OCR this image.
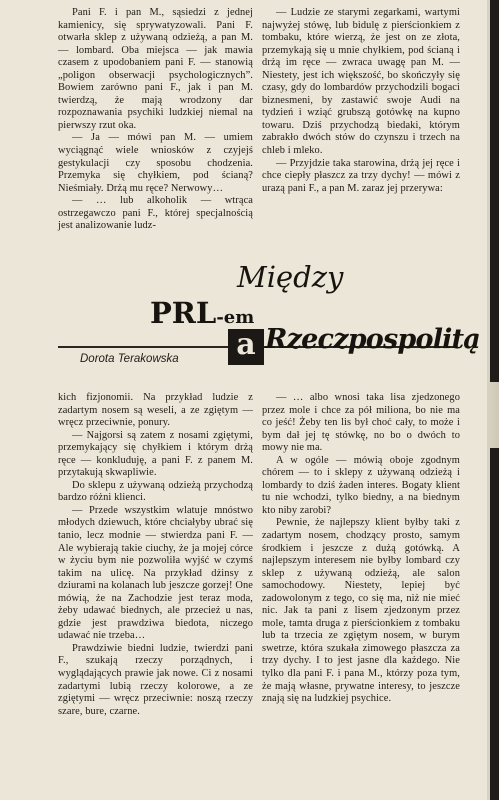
Pani F. i pan M., sąsiedzi z jednej kamienicy, się sprywatyzowali. Pani F. otwarła sklep z używaną odzieżą, a pan M. — lombard. Oba miejsca — jak mawia czasem z upodobaniem pani F. — stanowią „poligon obserwacji psychologicznych”. Bowiem zarówno pani F., jak i pan M. twierdzą, że mają wrodzony dar rozpoznawania psychiki ludzkiej niemal na pierwszy rzut oka.

— Ja — mówi pan M. — umiem wyciągnąć wiele wniosków z czyjejś gestykulacji czy sposobu chodzenia. Przemyka się chyłkiem, pod ścianą? Nieśmiały. Drżą mu ręce? Nerwowy…

— … lub alkoholik — wtrąca ostrzegawczo pani F., której specjalnością jest analizowanie ludz-

— Ludzie ze starymi zegarkami, wartymi najwyżej stówę, lub bidulę z pierścionkiem z tombaku, które wierzą, że jest on ze złota, przemykają się u mnie chyłkiem, pod ścianą i drżą im ręce — zwraca uwagę pan M. — Niestety, jest ich większość, bo skończyły się czasy, gdy do lombardów przychodzili bogaci biznesmeni, by zastawić swoje Audi na tydzień i wziąć grubszą gotówkę na kupno towaru. Dziś przychodzą biedaki, którym zabrakło dwóch stów do czynszu i trzech na chleb i mleko.

— Przyjdzie taka starowina, drżą jej ręce i chce ciepły płaszcz za trzy dychy! — mówi z urazą pani F., a pan M. zaraz jej przerywa:

Między
PRL-em
a Rzeczpospolitą
Dorota Terakowska

kich fizjonomii. Na przykład ludzie z zadartym nosem są weseli, a ze zgiętym — wręcz przeciwnie, ponury.

— Najgorsi są zatem z nosami zgiętymi, przemykający się chyłkiem i którym drżą ręce — konkluduję, a pani F. z panem M. przytakują skwapliwie.

Do sklepu z używaną odzieżą przychodzą bardzo różni klienci.

— Przede wszystkim wlatuje mnóstwo młodych dziewuch, które chciałyby ubrać się tanio, lecz modnie — stwierdza pani F. — Ale wybierają takie ciuchy, że ja mojej córce w życiu bym nie pozwoliła wyjść w czymś takim na ulicę. Na przykład dżinsy z dziurami na kolanach lub jeszcze gorzej! One mówią, że na Zachodzie jest teraz moda, żeby udawać biednych, ale przecież u nas, gdzie jest prawdziwa biedota, niczego udawać nie trzeba…

Prawdziwie biedni ludzie, twierdzi pani F., szukają rzeczy porządnych, i wyglądających prawie jak nowe. Ci z nosami zadartymi lubią rzeczy kolorowe, a ze zgiętymi — wręcz przeciwnie: noszą rzeczy szare, bure, czarne.

— … albo wnosi taka lisa zjedzonego przez mole i chce za pół miliona, bo nie ma co jeść! Żeby ten lis był choć cały, to może i bym dał jej tę stówkę, no bo o dwóch to mowy nie ma.

A w ogóle — mówią oboje zgodnym chórem — to i sklepy z używaną odzieżą i lombardy to dziś żaden interes. Bogaty klient tu nie wchodzi, tylko biedny, a na biednym kto niby zarobi?

Pewnie, że najlepszy klient byłby taki z zadartym nosem, chodzący prosto, samym środkiem i jeszcze z dużą gotówką. A najlepszym interesem nie byłby lombard czy sklep z używaną odzieżą, ale salon samochodowy. Niestety, lepiej być zadowolonym z tego, co się ma, niż nie mieć nic. Jak ta pani z lisem zjedzonym przez mole, tamta druga z pierścionkiem z tombaku lub ta trzecia ze zgiętym nosem, w burym swetrze, która szukała zimowego płaszcza za trzy dychy. I to jest jasne dla każdego. Nie tylko dla pani F. i pana M., którzy poza tym, że mają własne, prywatne interesy, to jeszcze znają się na ludzkiej psychice.
